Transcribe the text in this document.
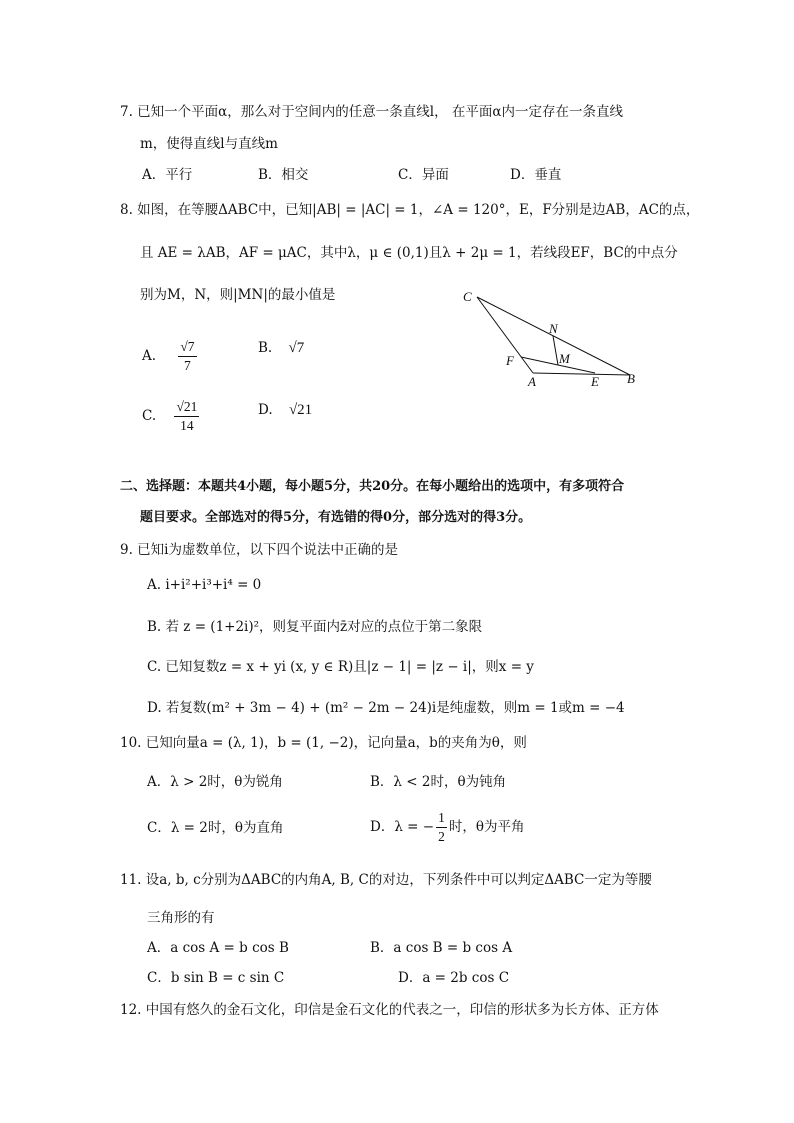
7. 已知一个平面α，那么对于空间内的任意一条直线l， 在平面α内一定存在一条直线
m，使得直线l与直线m
A．平行	B．相交	C．异面	D．垂直
8. 如图，在等腰ΔABC中，已知|AB| = |AC| = 1，∠A = 120°，E，F分别是边AB，AC的点，
且 AE = λAB，AF = μAC，其中λ，μ ∈ (0,1)且λ + 2μ = 1，若线段EF，BC的中点分
别为M，N，则|MN|的最小值是
A. $\frac{√7}{7}$	B. √7
C. $\frac{√21}{14}$	D. √21
C
N
F	M
A	E B
二、选择题：本题共4小题，每小题5分，共20分。在每小题给出的选项中，有多项符合
题目要求。全部选对的得5分，有选错的得0分，部分选对的得3分。
9. 已知i为虚数单位，以下四个说法中正确的是
A. i+i²+i³+i⁴ = 0
B. 若 z = (1+2i)²，则复平面内z̄对应的点位于第二象限
C. 已知复数z = x + yi (x, y ∈ R)且|z − 1| = |z − i|，则x = y
D. 若复数(m² + 3m − 4) + (m² − 2m − 24)i是纯虚数，则m = 1或m = −4
10. 已知向量a = (λ, 1)，b = (1, −2)，记向量a，b的夹角为θ，则
A．λ > 2时，θ为锐角	B．λ < 2时，θ为钝角
C．λ = 2时，θ为直角	D．λ = − $\frac{1}{2}$ 时，θ为平角
11. 设a, b, c分别为ΔABC的内角A, B, C的对边，下列条件中可以判定ΔABC一定为等腰
三角形的有
A．a cos A = b cos B	B．a cos B = b cos A
C．b sin B = c sin C	D．a = 2b cos C
12. 中国有悠久的金石文化，印信是金石文化的代表之一，印信的形状多为长方体、正方体
